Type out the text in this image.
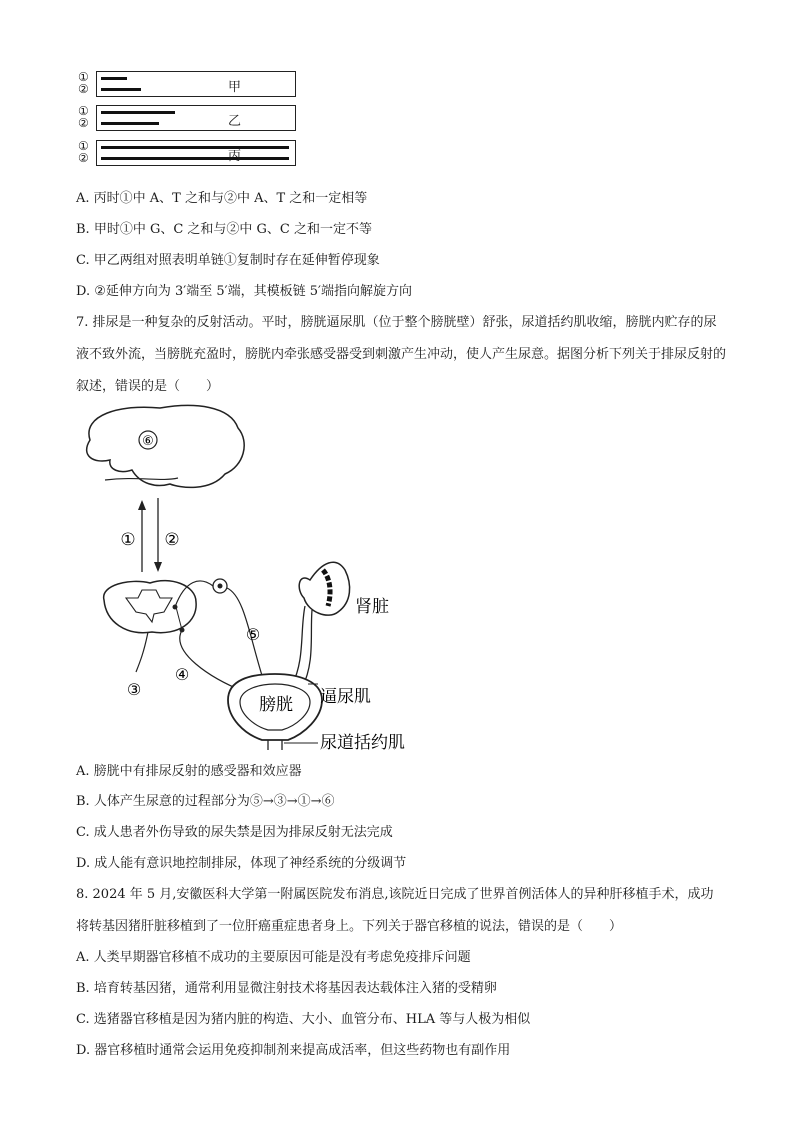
①
②	甲
①
②	乙
①
②	丙
A. 丙时①中 A、T 之和与②中 A、T 之和一定相等
B. 甲时①中 G、C 之和与②中 G、C 之和一定不等
C. 甲乙两组对照表明单链①复制时存在延伸暂停现象
D. ②延伸方向为 3′端至 5′端，其模板链 5′端指向解旋方向
7. 排尿是一种复杂的反射活动。平时，膀胱逼尿肌（位于整个膀胱壁）舒张，尿道括约肌收缩，膀胱内贮存的尿液不致外流，当膀胱充盈时，膀胱内牵张感受器受到刺激产生冲动，使人产生尿意。据图分析下列关于排尿反射的叙述，错误的是（　　）
⑥
① ②
⑤
③
④
肾脏
膀胱 逼尿肌
尿道括约肌
A. 膀胱中有排尿反射的感受器和效应器
B. 人体产生尿意的过程部分为⑤→③→①→⑥
C. 成人患者外伤导致的尿失禁是因为排尿反射无法完成
D. 成人能有意识地控制排尿，体现了神经系统的分级调节
8. 2024 年 5 月,安徽医科大学第一附属医院发布消息,该院近日完成了世界首例活体人的异种肝移植手术，成功将转基因猪肝脏移植到了一位肝癌重症患者身上。下列关于器官移植的说法，错误的是（　　）
A. 人类早期器官移植不成功的主要原因可能是没有考虑免疫排斥问题
B. 培育转基因猪，通常利用显微注射技术将基因表达载体注入猪的受精卵
C. 选猪器官移植是因为猪内脏的构造、大小、血管分布、HLA 等与人极为相似
D. 器官移植时通常会运用免疫抑制剂来提高成活率，但这些药物也有副作用
